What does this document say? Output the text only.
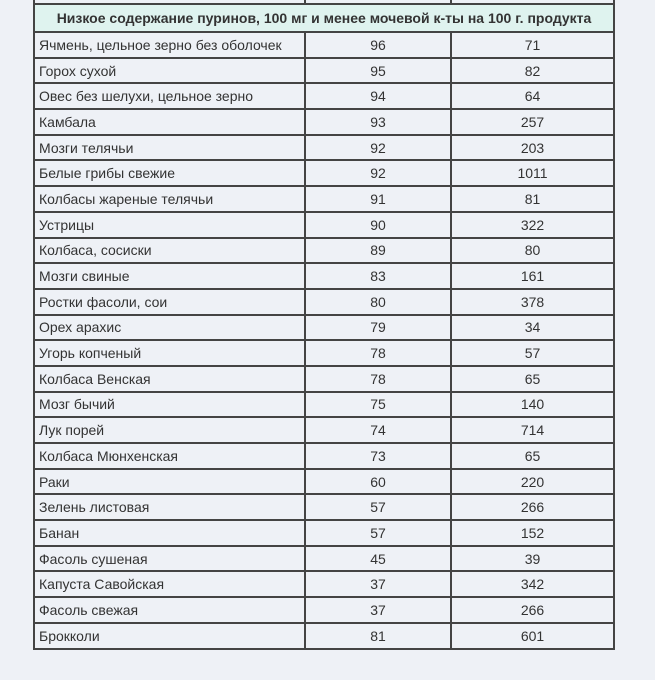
Низкое содержание пуринов, 100 мг и менее мочевой к-ты на 100 г. продукта		
Ячмень, цельное зерно без оболочек	96	71
Горох сухой	95	82
Овес без шелухи, цельное зерно	94	64
Камбала	93	257
Мозги телячьи	92	203
Белые грибы свежие	92	1011
Колбасы жареные телячьи	91	81
Устрицы	90	322
Колбаса, сосиски	89	80
Мозги свиные	83	161
Ростки фасоли, сои	80	378
Орех арахис	79	34
Угорь копченый	78	57
Колбаса Венская	78	65
Мозг бычий	75	140
Лук порей	74	714
Колбаса Мюнхенская	73	65
Раки	60	220
Зелень листовая	57	266
Банан	57	152
Фасоль сушеная	45	39
Капуста Савойская	37	342
Фасоль свежая	37	266
Брокколи	81	601
